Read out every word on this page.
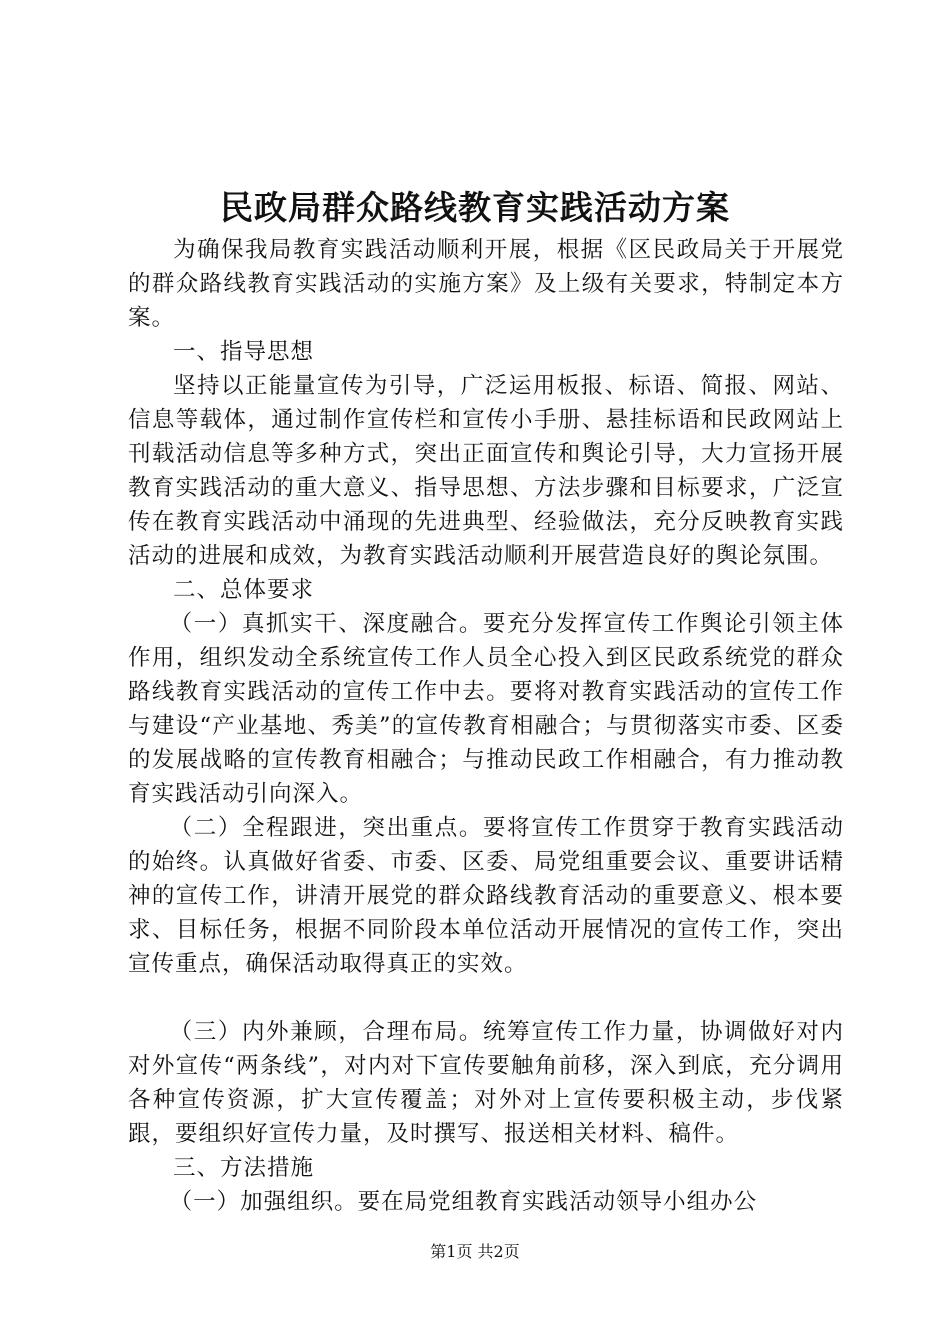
民政局群众路线教育实践活动方案

为确保我局教育实践活动顺利开展，根据《区民政局关于开展党的群众路线教育实践活动的实施方案》及上级有关要求，特制定本方案。

一、指导思想

坚持以正能量宣传为引导，广泛运用板报、标语、简报、网站、信息等载体，通过制作宣传栏和宣传小手册、悬挂标语和民政网站上刊载活动信息等多种方式，突出正面宣传和舆论引导，大力宣扬开展教育实践活动的重大意义、指导思想、方法步骤和目标要求，广泛宣传在教育实践活动中涌现的先进典型、经验做法，充分反映教育实践活动的进展和成效，为教育实践活动顺利开展营造良好的舆论氛围。

二、总体要求

（一）真抓实干、深度融合。要充分发挥宣传工作舆论引领主体作用，组织发动全系统宣传工作人员全心投入到区民政系统党的群众路线教育实践活动的宣传工作中去。要将对教育实践活动的宣传工作与建设“产业基地、秀美”的宣传教育相融合；与贯彻落实市委、区委的发展战略的宣传教育相融合；与推动民政工作相融合，有力推动教育实践活动引向深入。

（二）全程跟进，突出重点。要将宣传工作贯穿于教育实践活动的始终。认真做好省委、市委、区委、局党组重要会议、重要讲话精神的宣传工作，讲清开展党的群众路线教育活动的重要意义、根本要求、目标任务，根据不同阶段本单位活动开展情况的宣传工作，突出宣传重点，确保活动取得真正的实效。

（三）内外兼顾，合理布局。统筹宣传工作力量，协调做好对内对外宣传“两条线”，对内对下宣传要触角前移，深入到底，充分调用各种宣传资源，扩大宣传覆盖；对外对上宣传要积极主动，步伐紧跟，要组织好宣传力量，及时撰写、报送相关材料、稿件。

三、方法措施

（一）加强组织。要在局党组教育实践活动领导小组办公

第1页 共2页
